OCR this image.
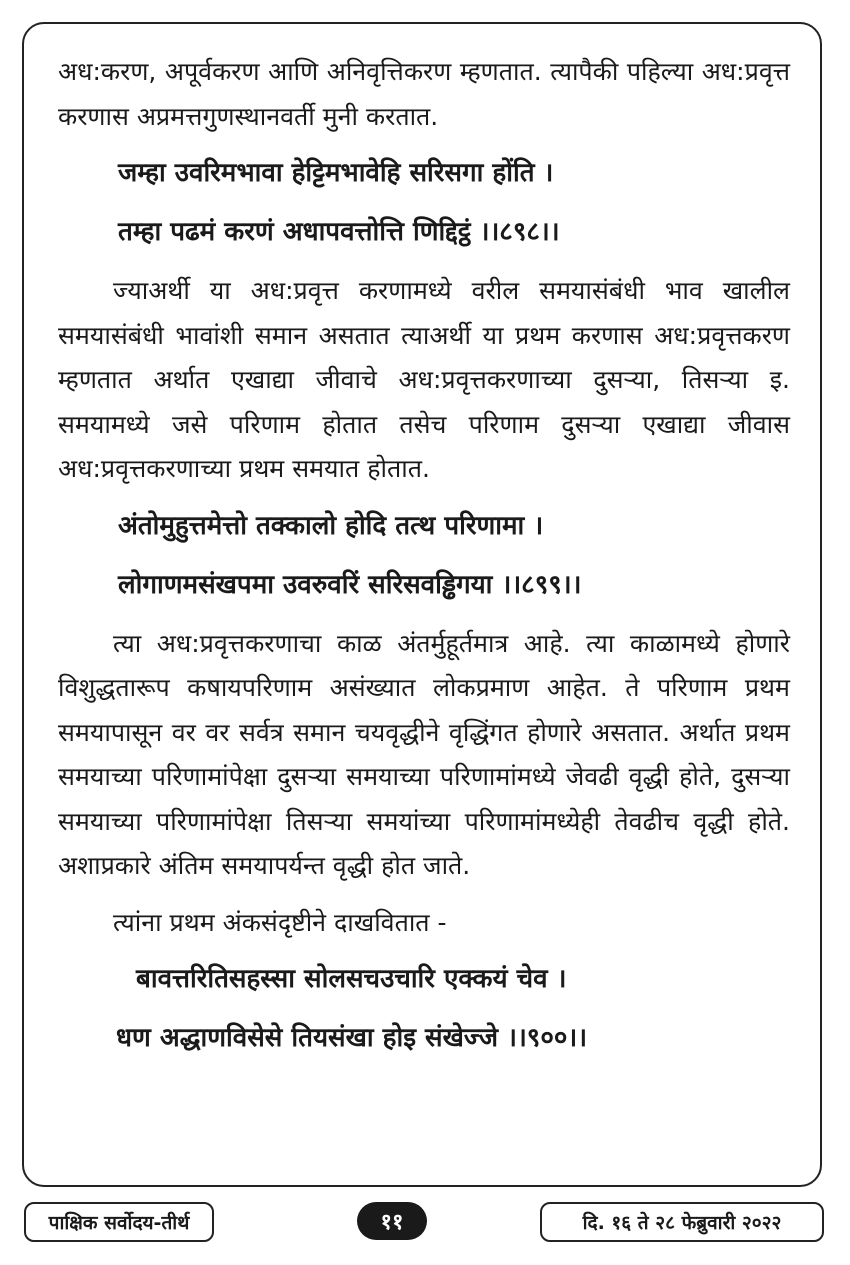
अध:करण, अपूर्वकरण आणि अनिवृत्तिकरण म्हणतात. त्यापैकी पहिल्या अध:प्रवृत्त करणास अप्रमत्तगुणस्थानवर्ती मुनी करतात.

जम्हा उवरिमभावा हेट्टिमभावेहि सरिसगा होंति ।
तम्हा पढमं करणं अधापवत्तोत्ति णिद्दिट्ठं ।।८९८।।

ज्याअर्थी या अध:प्रवृत्त करणामध्ये वरील समयासंबंधी भाव खालील समयासंबंधी भावांशी समान असतात त्याअर्थी या प्रथम करणास अध:प्रवृत्तकरण म्हणतात अर्थात एखाद्या जीवाचे अध:प्रवृत्तकरणाच्या दुसऱ्या, तिसऱ्या इ. समयामध्ये जसे परिणाम होतात तसेच परिणाम दुसऱ्या एखाद्या जीवास अध:प्रवृत्तकरणाच्या प्रथम समयात होतात.

अंतोमुहुत्तमेत्तो तक्कालो होदि तत्थ परिणामा ।
लोगाणमसंखपमा उवरुवरिं सरिसवड्ढिगया ।।८९९।।

त्या अध:प्रवृत्तकरणाचा काळ अंतर्मुहूर्तमात्र आहे. त्या काळामध्ये होणारे विशुद्धतारूप कषायपरिणाम असंख्यात लोकप्रमाण आहेत. ते परिणाम प्रथम समयापासून वर वर सर्वत्र समान चयवृद्धीने वृद्धिंगत होणारे असतात. अर्थात प्रथम समयाच्या परिणामांपेक्षा दुसऱ्या समयाच्या परिणामांमध्ये जेवढी वृद्धी होते, दुसऱ्या समयाच्या परिणामांपेक्षा तिसऱ्या समयांच्या परिणामांमध्येही तेवढीच वृद्धी होते. अशाप्रकारे अंतिम समयापर्यन्त वृद्धी होत जाते.

त्यांना प्रथम अंकसंदृष्टीने दाखवितात -

बावत्तरितिसहस्सा सोलसचउचारि एक्कयं चेव ।
धण अद्धाणविसेसे तियसंखा होइ संखेज्जे ।।९००।।
पाक्षिक सर्वोदय-तीर्थ	११	दि. १६ ते २८ फेब्रुवारी २०२२
